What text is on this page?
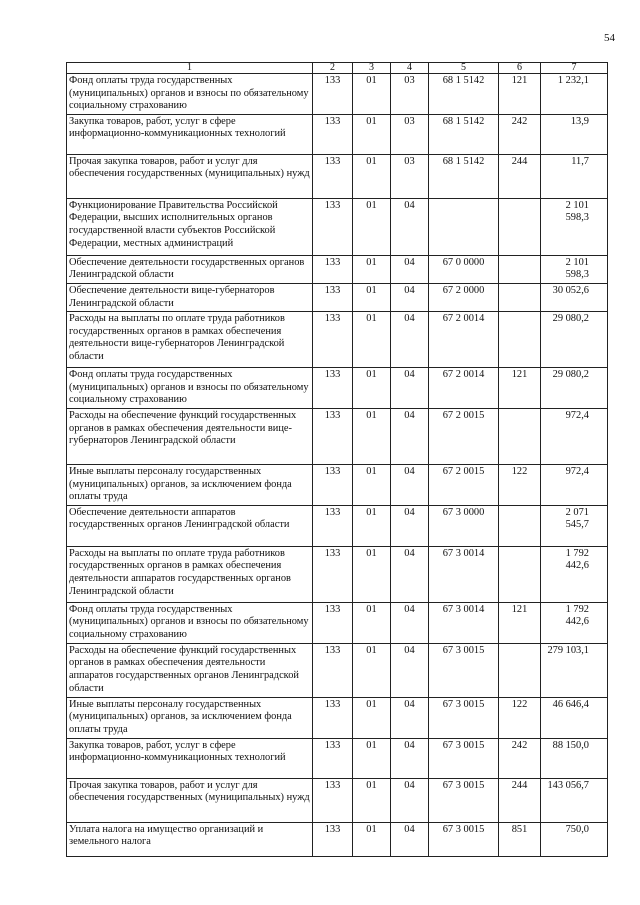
54
1	2	3	4	5	6	7
Фонд оплаты труда государственных (муниципальных) органов и взносы по обязательному социальному страхованию	133	01	03	68 1 5142	121	1 232,1
Закупка товаров, работ, услуг в сфере информационно-коммуникационных технологий	133	01	03	68 1 5142	242	13,9
Прочая закупка товаров, работ и услуг для обеспечения государственных (муниципальных) нужд	133	01	03	68 1 5142	244	11,7
Функционирование Правительства Российской Федерации, высших исполнительных органов государственной власти субъектов Российской Федерации, местных администраций	133	01	04			2 101 598,3
Обеспечение деятельности государственных органов Ленинградской области	133	01	04	67 0 0000		2 101 598,3
Обеспечение деятельности вице-губернаторов Ленинградской области	133	01	04	67 2 0000		30 052,6
Расходы на выплаты по оплате труда работников государственных органов в рамках обеспечения деятельности вице-губернаторов Ленинградской области	133	01	04	67 2 0014		29 080,2
Фонд оплаты труда государственных (муниципальных) органов и взносы по обязательному социальному страхованию	133	01	04	67 2 0014	121	29 080,2
Расходы на обеспечение функций государственных органов в рамках обеспечения деятельности вице-губернаторов Ленинградской области	133	01	04	67 2 0015		972,4
Иные выплаты персоналу государственных (муниципальных) органов, за исключением фонда оплаты труда	133	01	04	67 2 0015	122	972,4
Обеспечение деятельности аппаратов государственных органов Ленинградской области	133	01	04	67 3 0000		2 071 545,7
Расходы на выплаты по оплате труда работников государственных органов в рамках обеспечения деятельности аппаратов государственных органов Ленинградской области	133	01	04	67 3 0014		1 792 442,6
Фонд оплаты труда государственных (муниципальных) органов и взносы по обязательному социальному страхованию	133	01	04	67 3 0014	121	1 792 442,6
Расходы на обеспечение функций государственных органов в рамках обеспечения деятельности аппаратов государственных органов Ленинградской области	133	01	04	67 3 0015		279 103,1
Иные выплаты персоналу государственных (муниципальных) органов, за исключением фонда оплаты труда	133	01	04	67 3 0015	122	46 646,4
Закупка товаров, работ, услуг в сфере информационно-коммуникационных технологий	133	01	04	67 3 0015	242	88 150,0
Прочая закупка товаров, работ и услуг для обеспечения государственных (муниципальных) нужд	133	01	04	67 3 0015	244	143 056,7
Уплата налога на имущество организаций и земельного налога	133	01	04	67 3 0015	851	750,0
